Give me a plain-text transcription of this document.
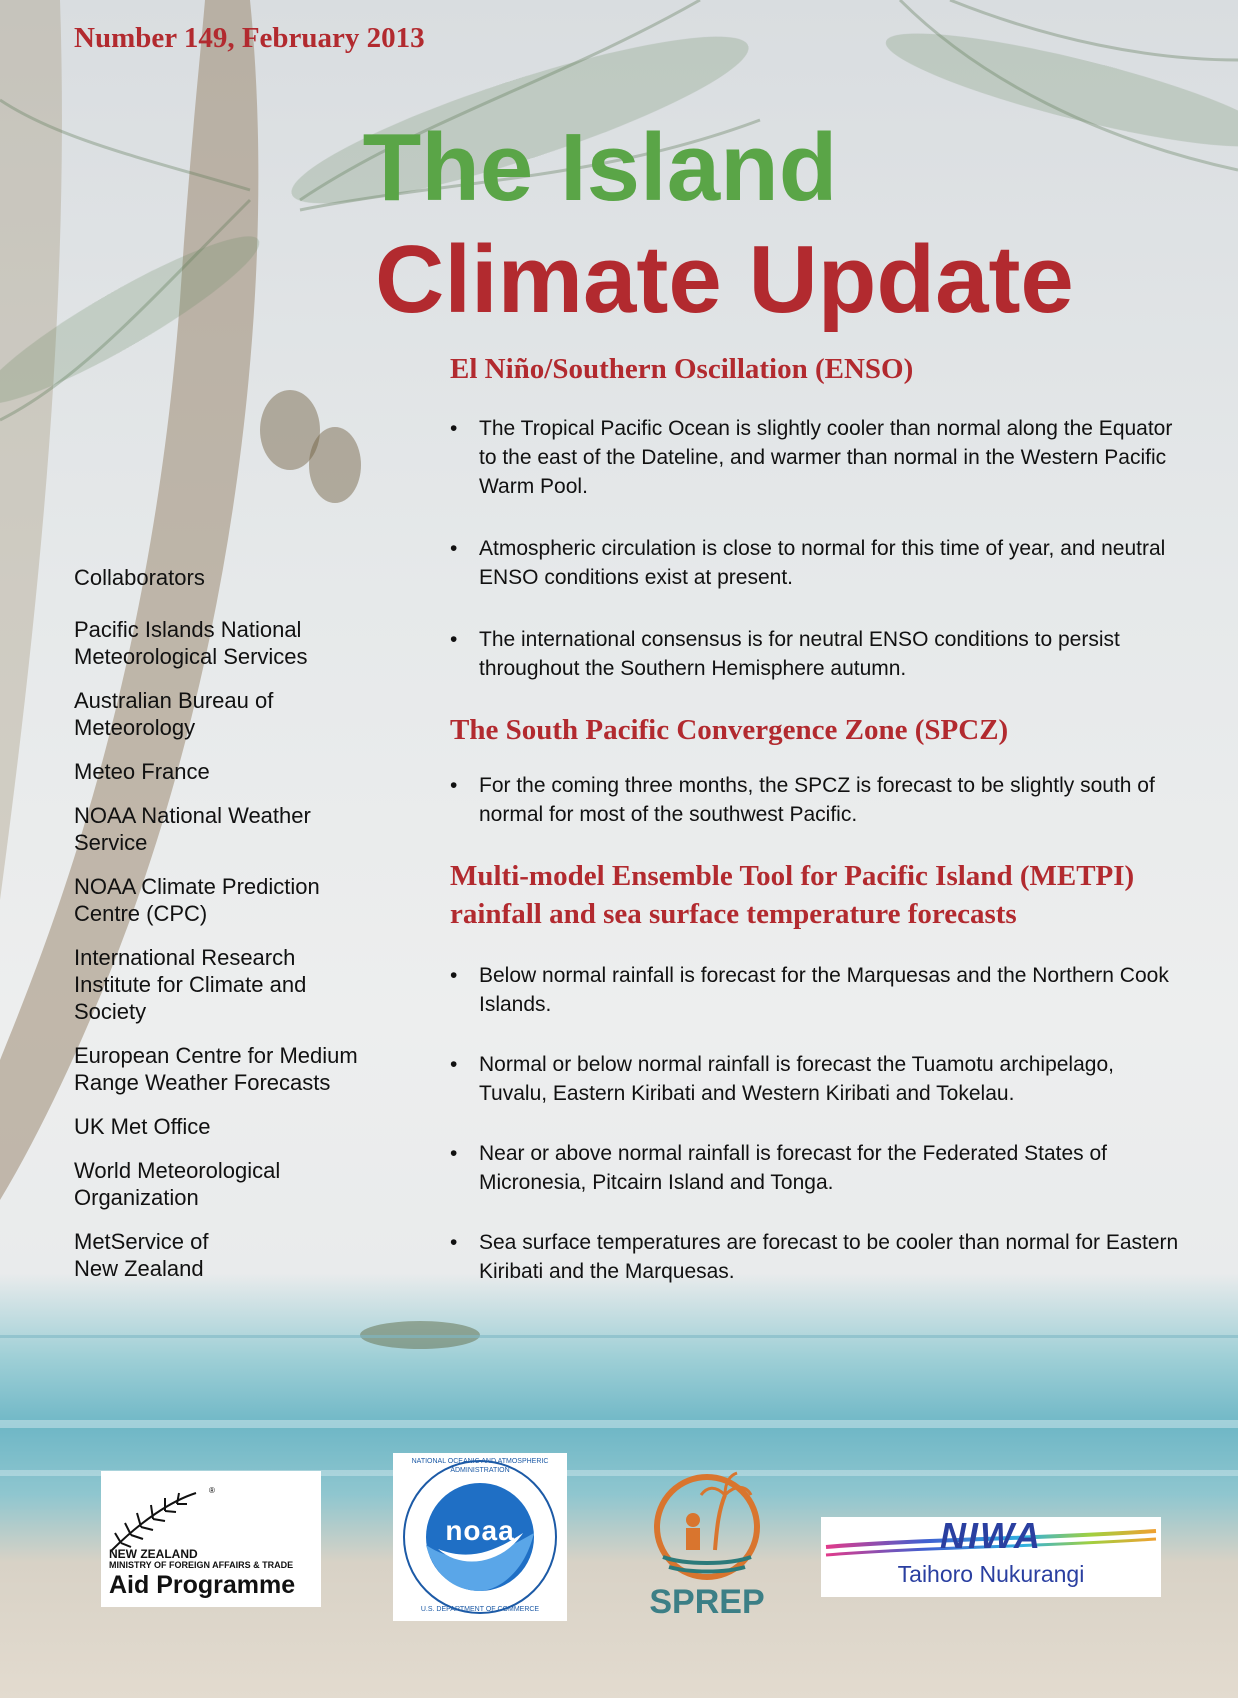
Number 149, February 2013
The Island
Climate Update
Collaborators
Pacific Islands National Meteorological Services
Australian Bureau of Meteorology
Meteo France
NOAA National Weather Service
NOAA Climate Prediction Centre (CPC)
International Research Institute for Climate and Society
European Centre for Medium Range Weather Forecasts
UK Met Office
World Meteorological Organization
MetService of New Zealand
El Niño/Southern Oscillation (ENSO)
• The Tropical Pacific Ocean is slightly cooler than normal along the Equator to the east of the Dateline, and warmer than normal in the Western Pacific Warm Pool.
• Atmospheric circulation is close to normal for this time of year, and neutral ENSO conditions exist at present.
• The international consensus is for neutral ENSO conditions to persist throughout the Southern Hemisphere autumn.
The South Pacific Convergence Zone (SPCZ)
• For the coming three months, the SPCZ is forecast to be slightly south of normal for most of the southwest Pacific.
Multi-model Ensemble Tool for Pacific Island (METPI) rainfall and sea surface temperature forecasts
• Below normal rainfall is forecast for the Marquesas and the Northern Cook Islands.
• Normal or below normal rainfall is forecast the Tuamotu archipelago, Tuvalu, Eastern Kiribati and Western Kiribati and Tokelau.
• Near or above normal rainfall is forecast for the Federated States of Micronesia, Pitcairn Island and Tonga.
• Sea surface temperatures are forecast to be cooler than normal for Eastern Kiribati and the Marquesas.
®
NEW ZEALAND
MINISTRY OF FOREIGN AFFAIRS & TRADE
Aid Programme
noaa
NATIONAL OCEANIC AND ATMOSPHERIC ADMINISTRATION
U.S. DEPARTMENT OF COMMERCE	SPREP
NIWA
Taihoro Nukurangi
